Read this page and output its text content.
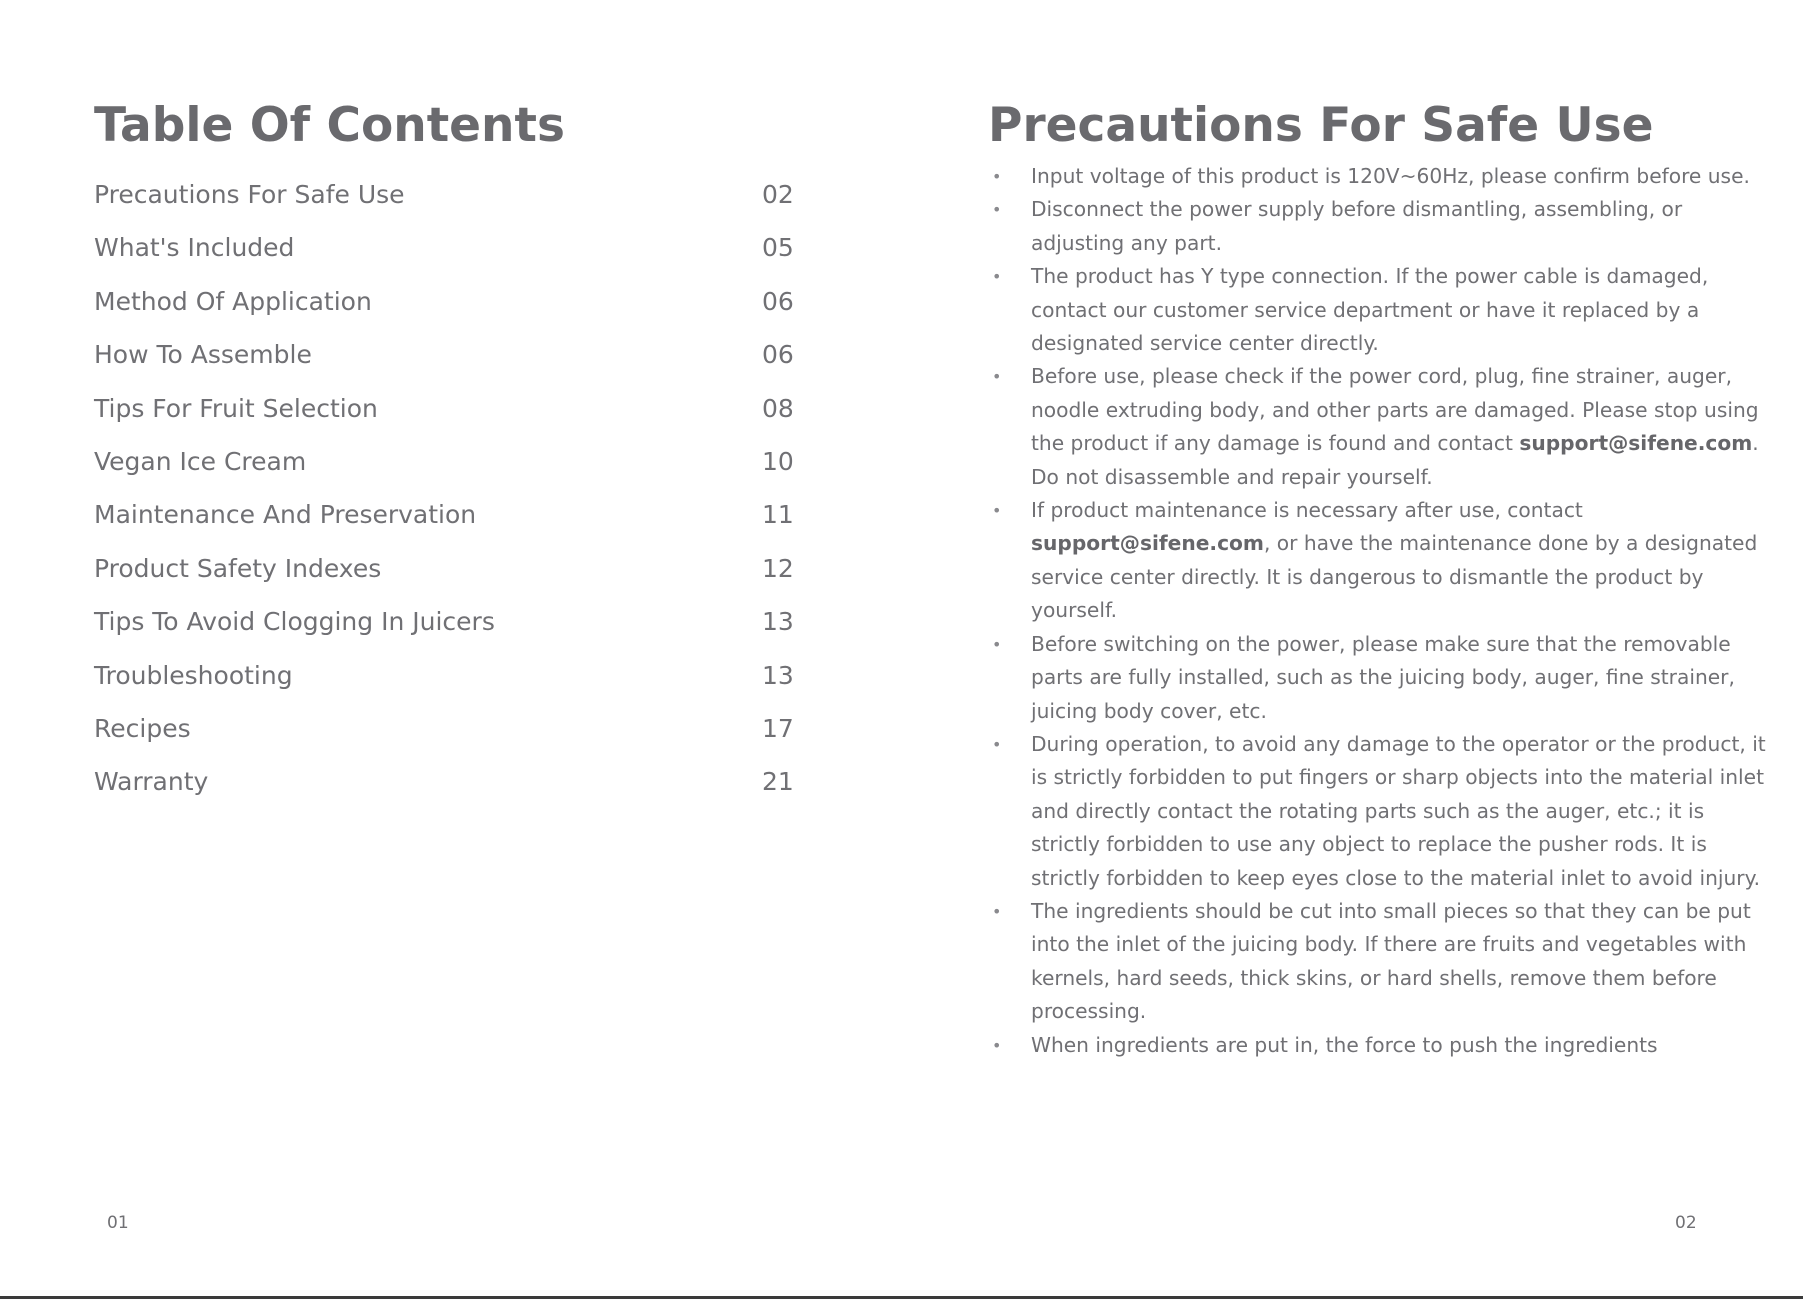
Table Of Contents
Precautions For Safe Use	02
What's Included	05
Method Of Application	06
How To Assemble	06
Tips For Fruit Selection	08
Vegan Ice Cream	10
Maintenance And Preservation	11
Product Safety Indexes	12
Tips To Avoid Clogging In Juicers	13
Troubleshooting	13
Recipes	17
Warranty	21
01
Precautions For Safe Use
• Input voltage of this product is 120V~60Hz, please confirm before use.
• Disconnect the power supply before dismantling, assembling, or adjusting any part.
• The product has Y type connection. If the power cable is damaged, contact our customer service department or have it replaced by a designated service center directly.
• Before use, please check if the power cord, plug, fine strainer, auger, noodle extruding body, and other parts are damaged. Please stop using the product if any damage is found and contact support@sifene.com. Do not disassemble and repair yourself.
• If product maintenance is necessary after use, contact support@sifene.com, or have the maintenance done by a designated service center directly. It is dangerous to dismantle the product by yourself.
• Before switching on the power, please make sure that the removable parts are fully installed, such as the juicing body, auger, fine strainer, juicing body cover, etc.
• During operation, to avoid any damage to the operator or the product, it is strictly forbidden to put fingers or sharp objects into the material inlet and directly contact the rotating parts such as the auger, etc.; it is strictly forbidden to use any object to replace the pusher rods. It is strictly forbidden to keep eyes close to the material inlet to avoid injury.
• The ingredients should be cut into small pieces so that they can be put into the inlet of the juicing body. If there are fruits and vegetables with kernels, hard seeds, thick skins, or hard shells, remove them before processing.
• When ingredients are put in, the force to push the ingredients
02
